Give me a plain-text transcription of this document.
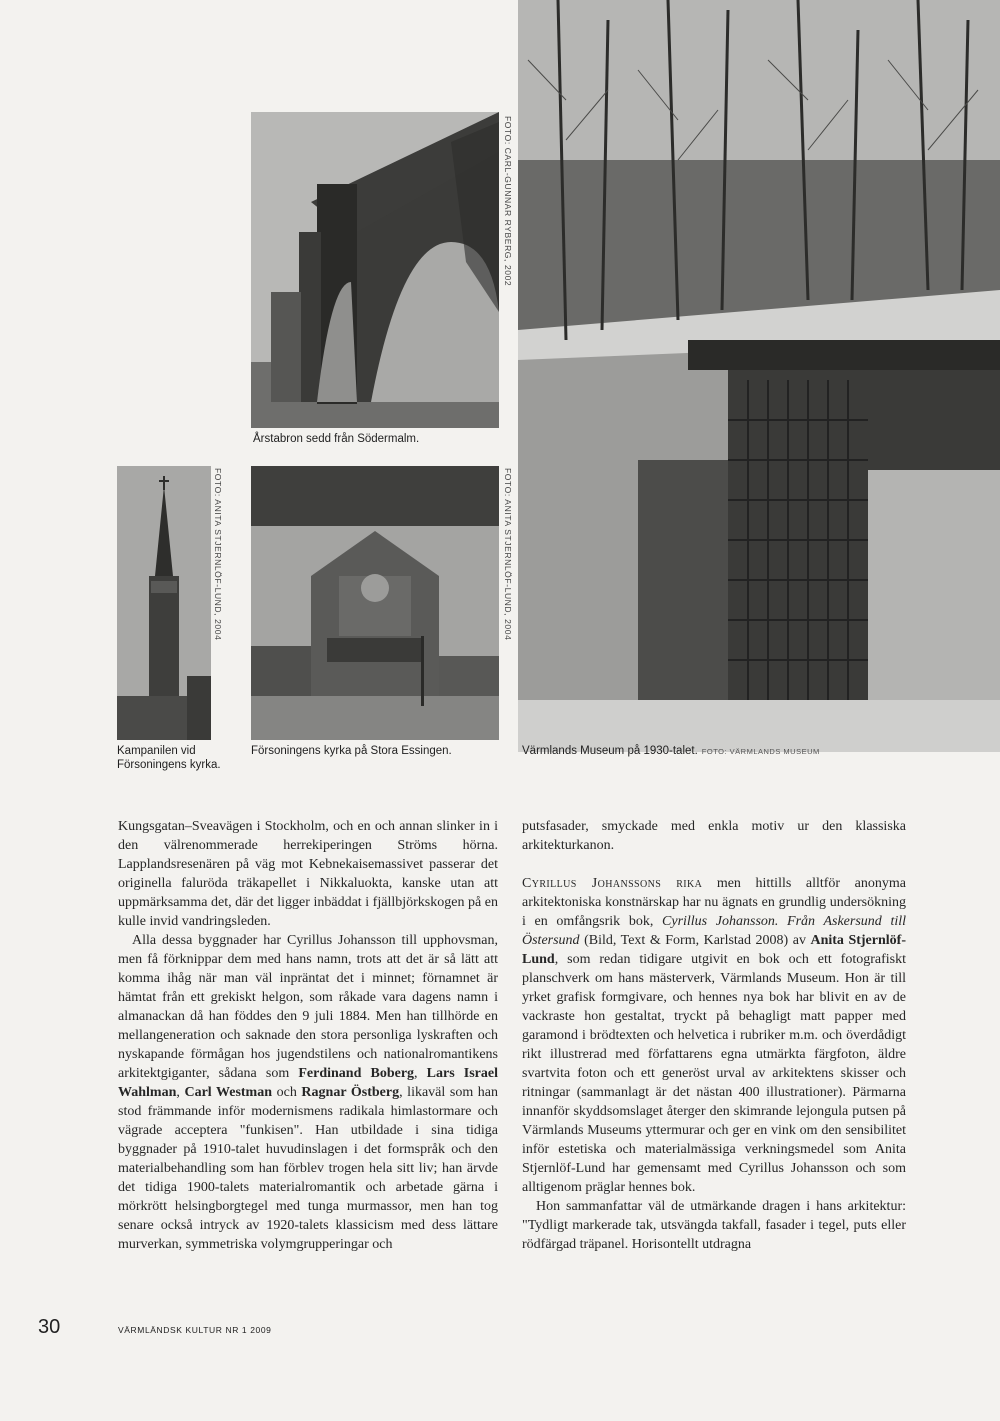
FOTO: CARL-GUNNAR RYBERG, 2002
Årstabron sedd från Södermalm.
FOTO: ANITA STJERNLÖF-LUND, 2004
Kampanilen vid
Försoningens kyrka.
FOTO: ANITA STJERNLÖF-LUND, 2004
Försoningens kyrka på Stora Essingen.	Värmlands Museum på 1930-talet. FOTO: VÄRMLANDS MUSEUM

Kungsgatan–Sveavägen i Stockholm, och en och annan slinker in i den välrenommerade herrekiperingen Ströms hörna. Lapplandsresenären på väg mot Kebnekaisemassivet passerar det originella faluröda träkapellet i Nikkaluokta, kanske utan att uppmärksamma det, där det ligger inbäddat i fjällbjörkskogen på en kulle invid vandringsleden.

Alla dessa byggnader har Cyrillus Johansson till upphovsman, men få förknippar dem med hans namn, trots att det är så lätt att komma ihåg när man väl inpräntat det i minnet; förnamnet är hämtat från ett grekiskt helgon, som råkade vara dagens namn i almanackan då han föddes den 9 juli 1884. Men han tillhörde en mellangeneration och saknade den stora personliga lyskraften och nyskapande förmågan hos jugendstilens och nationalromantikens arkitektgiganter, sådana som Ferdinand Boberg, Lars Israel Wahlman, Carl Westman och Ragnar Östberg, likaväl som han stod främmande inför modernismens radikala himlastormare och vägrade acceptera "funkisen". Han utbildade i sina tidiga byggnader på 1910-talet huvudinslagen i det formspråk och den materialbehandling som han förblev trogen hela sitt liv; han ärvde det tidiga 1900-talets materialromantik och arbetade gärna i mörkrött helsingborgtegel med tunga murmassor, men han tog senare också intryck av 1920-talets klassicism med dess lättare murverkan, symmetriska volymgrupperingar och

putsfasader, smyckade med enkla motiv ur den klassiska arkitekturkanon.

Cyrillus Johanssons rika men hittills alltför anonyma arkitektoniska konstnärskap har nu ägnats en grundlig undersökning i en omfångsrik bok, Cyrillus Johansson. Från Askersund till Östersund (Bild, Text & Form, Karlstad 2008) av Anita Stjernlöf-Lund, som redan tidigare utgivit en bok och ett fotografiskt planschverk om hans mästerverk, Värmlands Museum. Hon är till yrket grafisk formgivare, och hennes nya bok har blivit en av de vackraste hon gestaltat, tryckt på behagligt matt papper med garamond i brödtexten och helvetica i rubriker m.m. och överdådigt rikt illustrerad med författarens egna utmärkta färgfoton, äldre svartvita foton och ett generöst urval av arkitektens skisser och ritningar (sammanlagt är det nästan 400 illustrationer). Pärmarna innanför skyddsomslaget återger den skimrande lejongula putsen på Värmlands Museums yttermurar och ger en vink om den sensibilitet inför estetiska och materialmässiga verkningsmedel som Anita Stjernlöf-Lund har gemensamt med Cyrillus Johansson och som alltigenom präglar hennes bok.

Hon sammanfattar väl de utmärkande dragen i hans arkitektur: "Tydligt markerade tak, utsvängda takfall, fasader i tegel, puts eller rödfärgad träpanel. Horisontellt utdragna

30	VÄRMLÄNDSK KULTUR NR 1 2009
